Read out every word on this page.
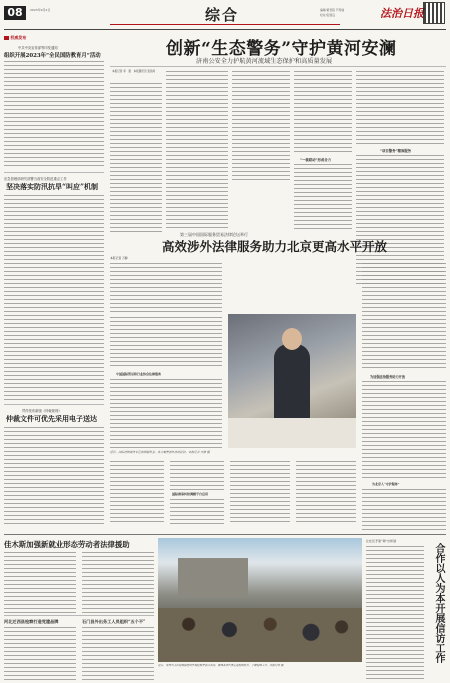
08	2023年9月2日	综合	编辑/黄哲程 芦寿瑜
校对/张国良	法治日报
权威发布
中共中央宣传部等印发通知
组织开展2023年“全民国防教育月”活动
应急管理部研究部署当前安全防范重点工作
坚决落实防汛抗旱“叫应”机制
贸仲发布新版《仲裁规则》
仲裁文件可优先采用电子送达
创新“生态警务”守护黄河安澜
济南公安全力护航黄河流域生态保护和高质量发展
本报记者 李　蕾　本报通讯员 张昌珂
“一核联动”形成合力
“项目警务”精准服务
第三届中国国际服务贸易法律论坛举行
高效涉外法律服务助力北京更高水平开放
本报记者 万静
中国国际贸易和行业协会法律服务
近日，国际法律服务专区亮相服贸会，各方聚焦涉外法治建设。本报记者 万静 摄
国际商事纠纷调解平台启用
为加强法治服务助力开放
为北京人“守护服务”
佳木斯加强新就业形态劳动者法律援助
河北迁西县检察打造党建品牌	石门县外出务工人员组织“五个不”
近日，青海省人民检察院组织开展检察开放日活动，邀请各界代表走进检察机关，了解检察工作。本报记者 摄
让社区矛盾“调”出和谐
合作以人为本开展信访工作
